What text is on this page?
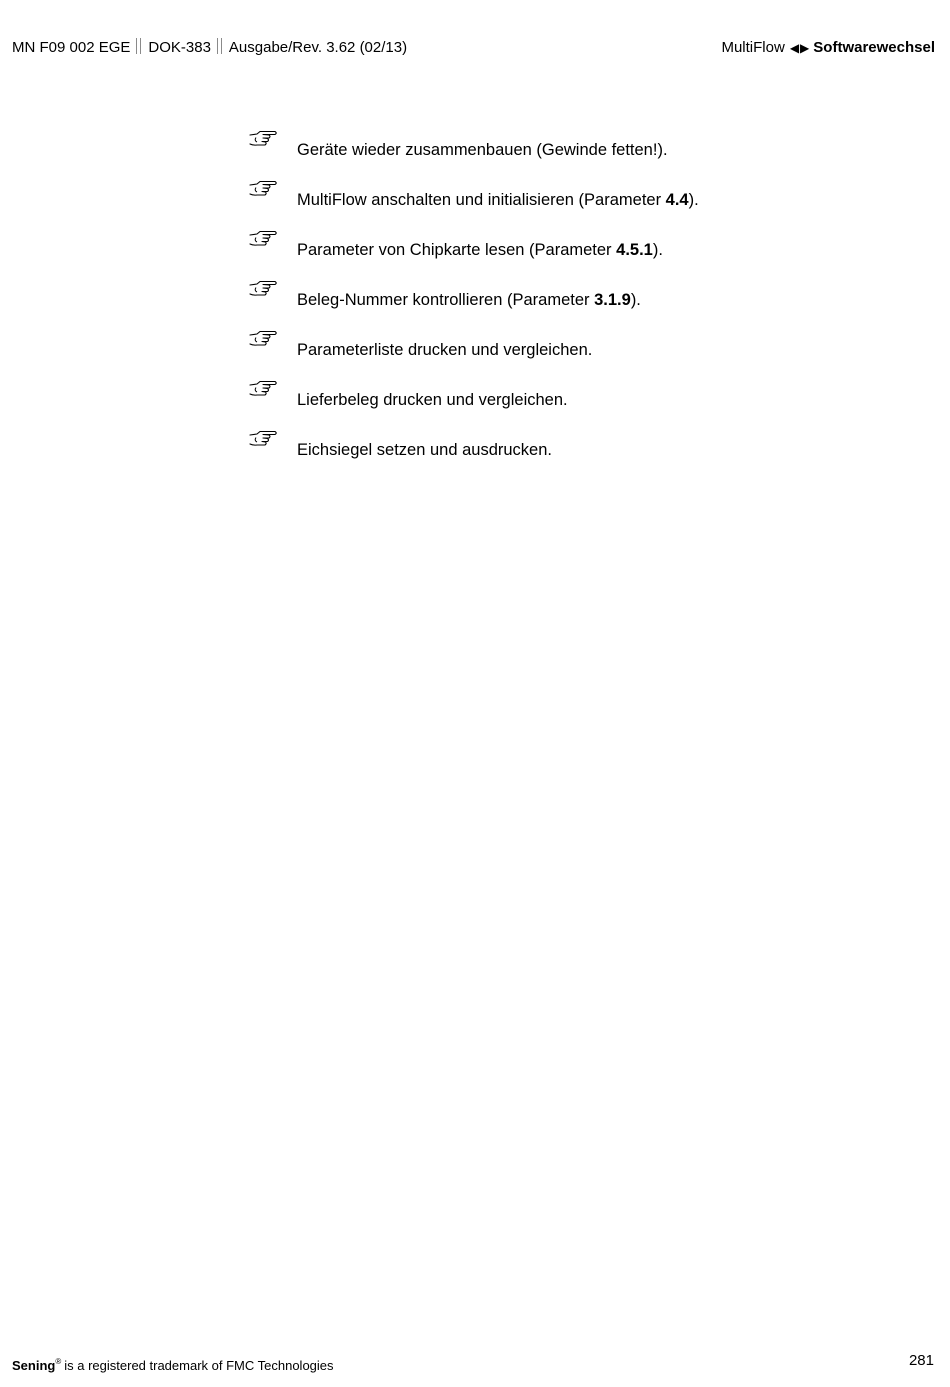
MN F09 002 EGE DOK-383 Ausgabe/Rev. 3.62 (02/13)	MultiFlow ◀▶ Softwarewechsel
Geräte wieder zusammenbauen (Gewinde fetten!).
MultiFlow anschalten und initialisieren (Parameter 4.4).
Parameter von Chipkarte lesen (Parameter 4.5.1).
Beleg-Nummer kontrollieren (Parameter 3.1.9).
Parameterliste drucken und vergleichen.
Lieferbeleg drucken und vergleichen.
Eichsiegel setzen und ausdrucken.
Sening® is a registered trademark of FMC Technologies	281
